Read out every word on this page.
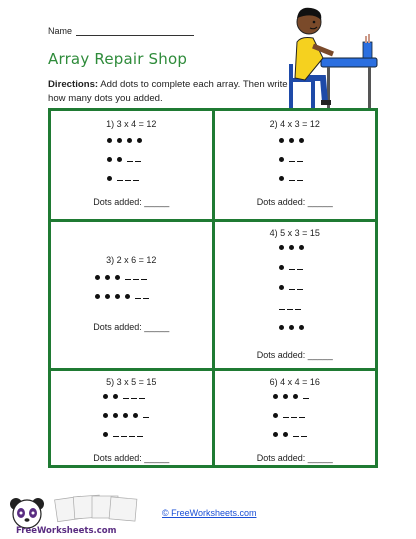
Name
Array Repair Shop
Directions: Add dots to complete each array. Then write how many dots you added.
1) 3 x 4 = 12
Dots added: _____
2) 4 x 3 = 12
Dots added: _____
3) 2 x 6 = 12
Dots added: _____
4) 5 x 3 = 15
Dots added: _____
5) 3 x 5 = 15
Dots added: _____
6) 4 x 4 = 16
Dots added: _____
FreeWorksheets.com
© FreeWorksheets.com
